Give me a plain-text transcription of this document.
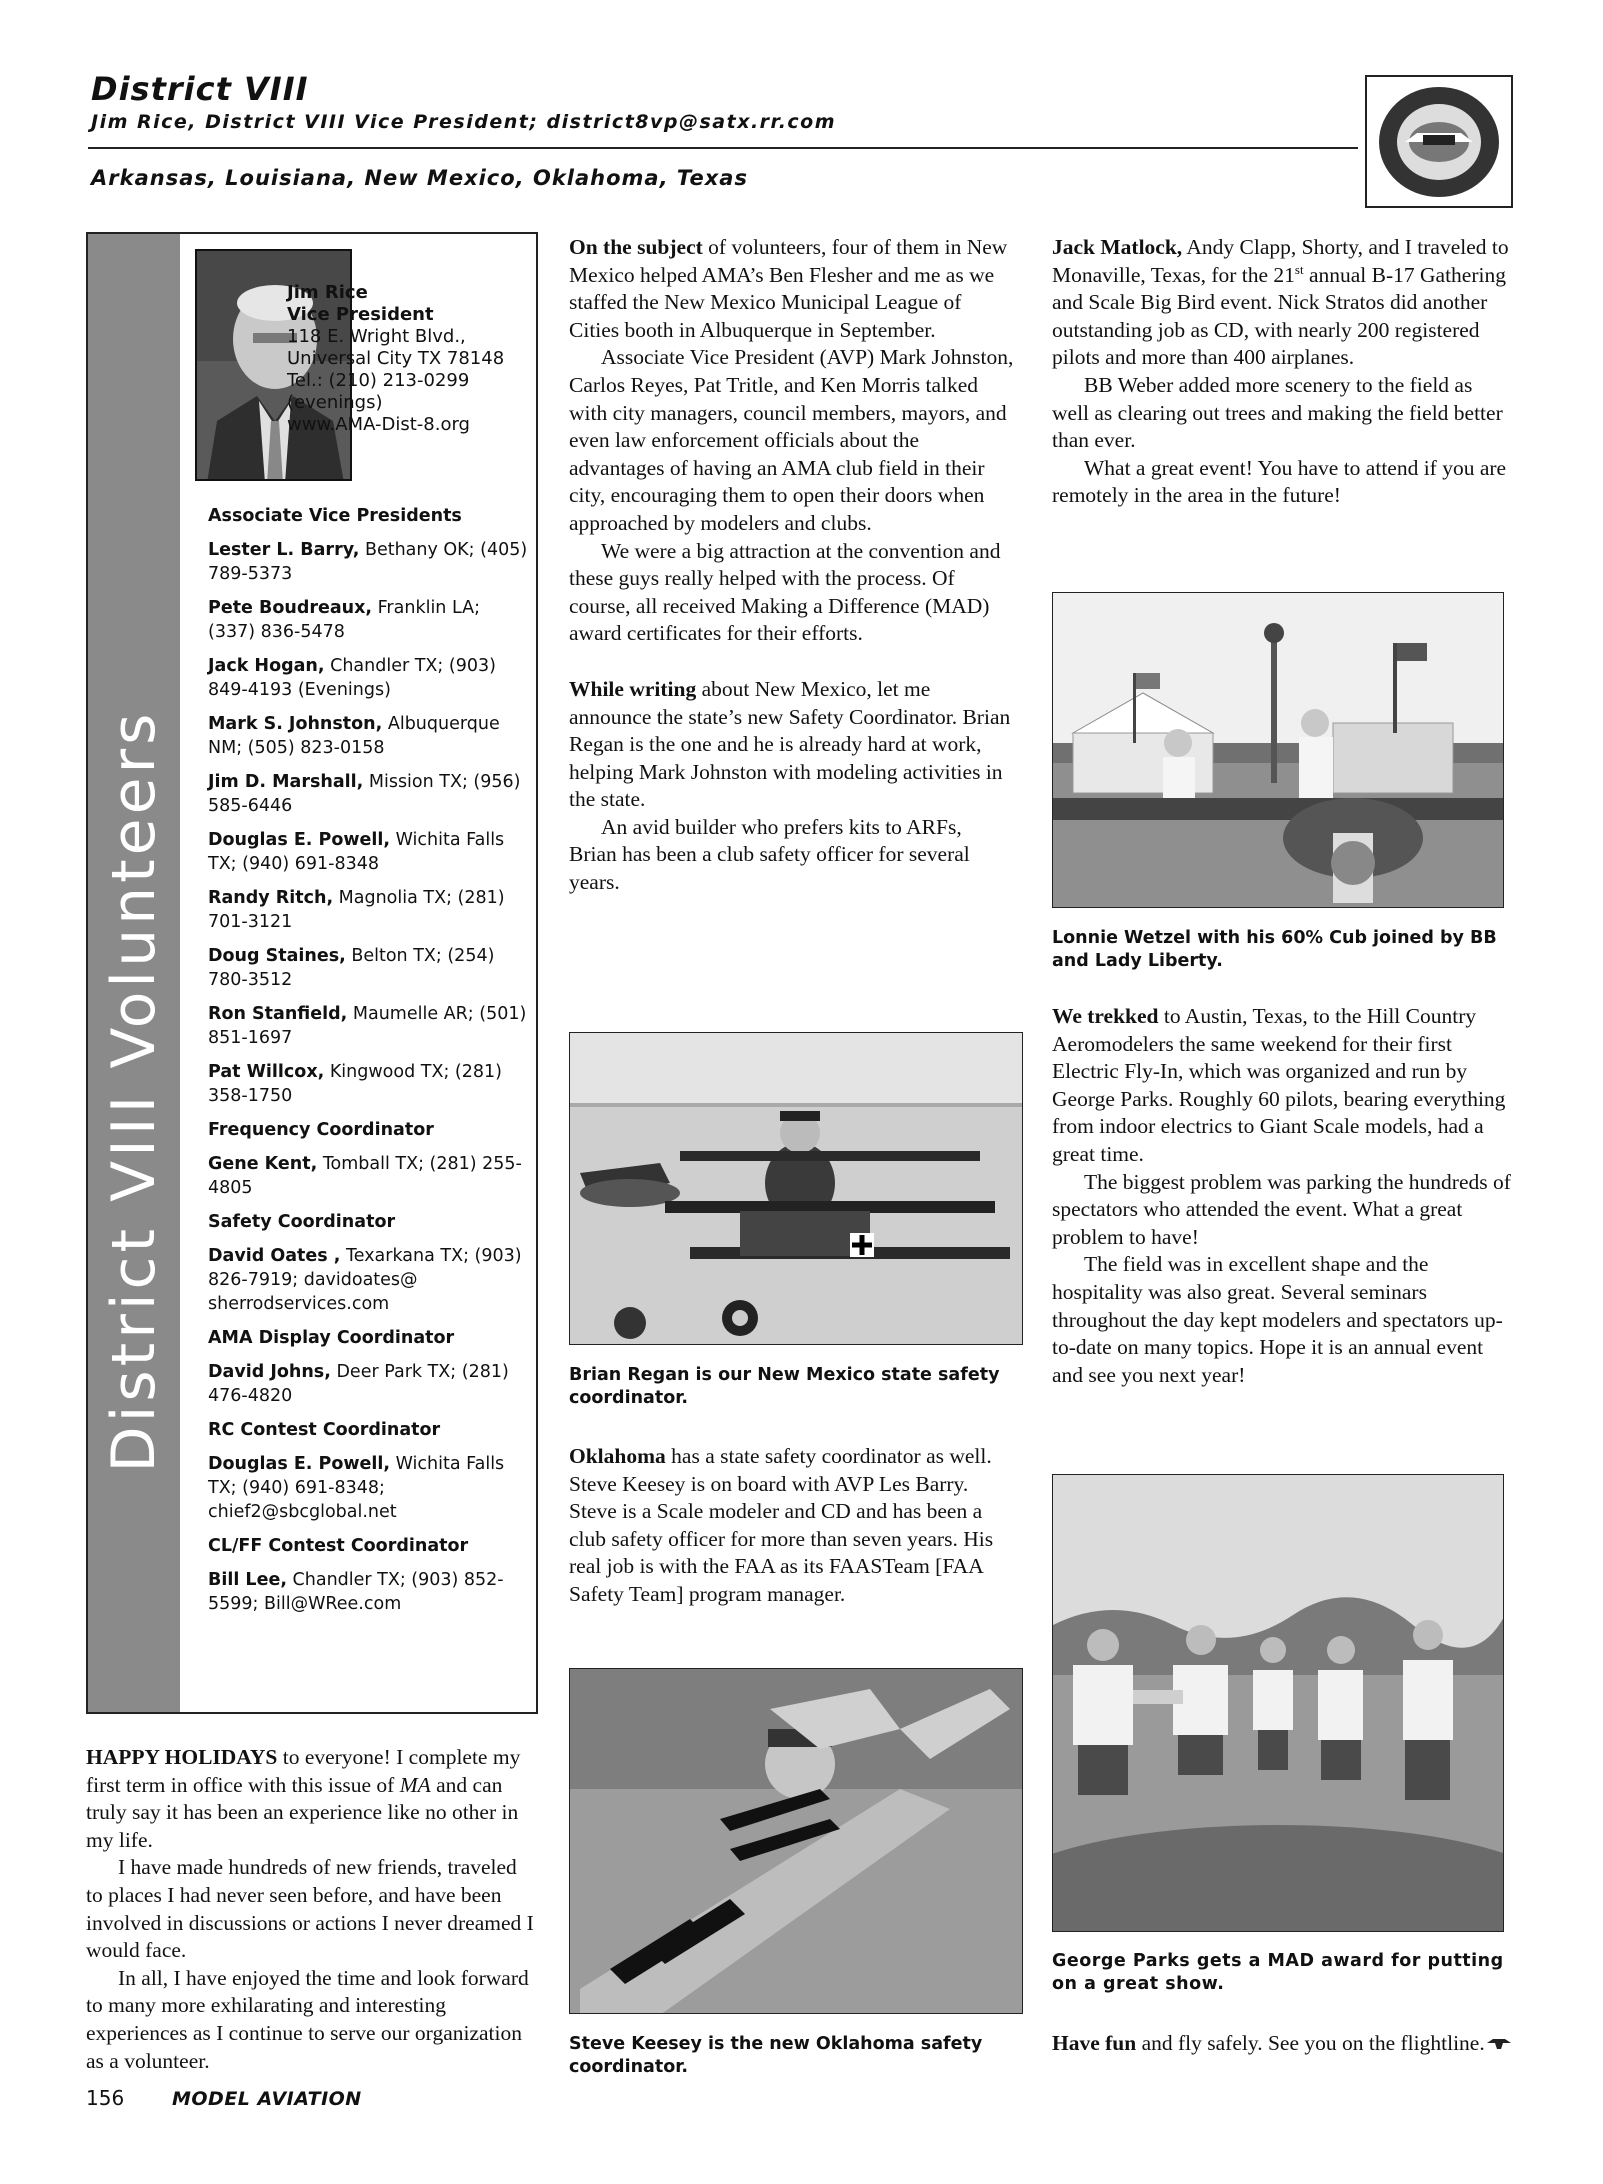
District VIII
Jim Rice, District VIII Vice President; district8vp@satx.rr.com
Arkansas, Louisiana, New Mexico, Oklahoma, Texas
District VIII Volunteers
Jim Rice
Vice President
118 E. Wright Blvd.,
Universal City TX 78148
Tel.: (210) 213-0299
(evenings)
www.AMA-Dist-8.org
Associate Vice Presidents
Lester L. Barry, Bethany OK; (405) 789-5373
Pete Boudreaux, Franklin LA; (337) 836-5478
Jack Hogan, Chandler TX; (903) 849-4193 (Evenings)
Mark S. Johnston, Albuquerque NM; (505) 823-0158
Jim D. Marshall, Mission TX; (956) 585-6446
Douglas E. Powell, Wichita Falls TX; (940) 691-8348
Randy Ritch, Magnolia TX; (281) 701-3121
Doug Staines, Belton TX; (254) 780-3512
Ron Stanfield, Maumelle AR; (501) 851-1697
Pat Willcox, Kingwood TX; (281) 358-1750
Frequency Coordinator
Gene Kent, Tomball TX; (281) 255-4805
Safety Coordinator
David Oates , Texarkana TX; (903) 826-7919; davidoates@ sherrodservices.com
AMA Display Coordinator
David Johns, Deer Park TX; (281) 476-4820
RC Contest Coordinator
Douglas E. Powell, Wichita Falls TX; (940) 691-8348; chief2@sbcglobal.net
CL/FF Contest Coordinator
Bill Lee, Chandler TX; (903) 852-5599; Bill@WRee.com

HAPPY HOLIDAYS to everyone! I complete my first term in office with this issue of MA and can truly say it has been an experience like no other in my life.

I have made hundreds of new friends, traveled to places I had never seen before, and have been involved in discussions or actions I never dreamed I would face.

In all, I have enjoyed the time and look forward to many more exhilarating and interesting experiences as I continue to serve our organization as a volunteer.

On the subject of volunteers, four of them in New Mexico helped AMA’s Ben Flesher and me as we staffed the New Mexico Municipal League of Cities booth in Albuquerque in September.

Associate Vice President (AVP) Mark Johnston, Carlos Reyes, Pat Tritle, and Ken Morris talked with city managers, council members, mayors, and even law enforcement officials about the advantages of having an AMA club field in their city, encouraging them to open their doors when approached by modelers and clubs.

We were a big attraction at the convention and these guys really helped with the process. Of course, all received Making a Difference (MAD) award certificates for their efforts.

While writing about New Mexico, let me announce the state’s new Safety Coordinator. Brian Regan is the one and he is already hard at work, helping Mark Johnston with modeling activities in the state.

An avid builder who prefers kits to ARFs, Brian has been a club safety officer for several years.

Brian Regan is our New Mexico state safety coordinator.

Oklahoma has a state safety coordinator as well. Steve Keesey is on board with AVP Les Barry. Steve is a Scale modeler and CD and has been a club safety officer for more than seven years. His real job is with the FAA as its FAASTeam [FAA Safety Team] program manager.

Steve Keesey is the new Oklahoma safety coordinator.

Jack Matlock, Andy Clapp, Shorty, and I traveled to Monaville, Texas, for the 21st annual B-17 Gathering and Scale Big Bird event. Nick Stratos did another outstanding job as CD, with nearly 200 registered pilots and more than 400 airplanes.

BB Weber added more scenery to the field as well as clearing out trees and making the field better than ever.

What a great event! You have to attend if you are remotely in the area in the future!

Lonnie Wetzel with his 60% Cub joined by BB and Lady Liberty.

We trekked to Austin, Texas, to the Hill Country Aeromodelers the same weekend for their first Electric Fly-In, which was organized and run by George Parks. Roughly 60 pilots, bearing everything from indoor electrics to Giant Scale models, had a great time.

The biggest problem was parking the hundreds of spectators who attended the event. What a great problem to have!

The field was in excellent shape and the hospitality was also great. Several seminars throughout the day kept modelers and spectators up-to-date on many topics. Hope it is an annual event and see you next year!

George Parks gets a MAD award for putting on a great show.

Have fun and fly safely. See you on the flightline.

156	MODEL AVIATION
